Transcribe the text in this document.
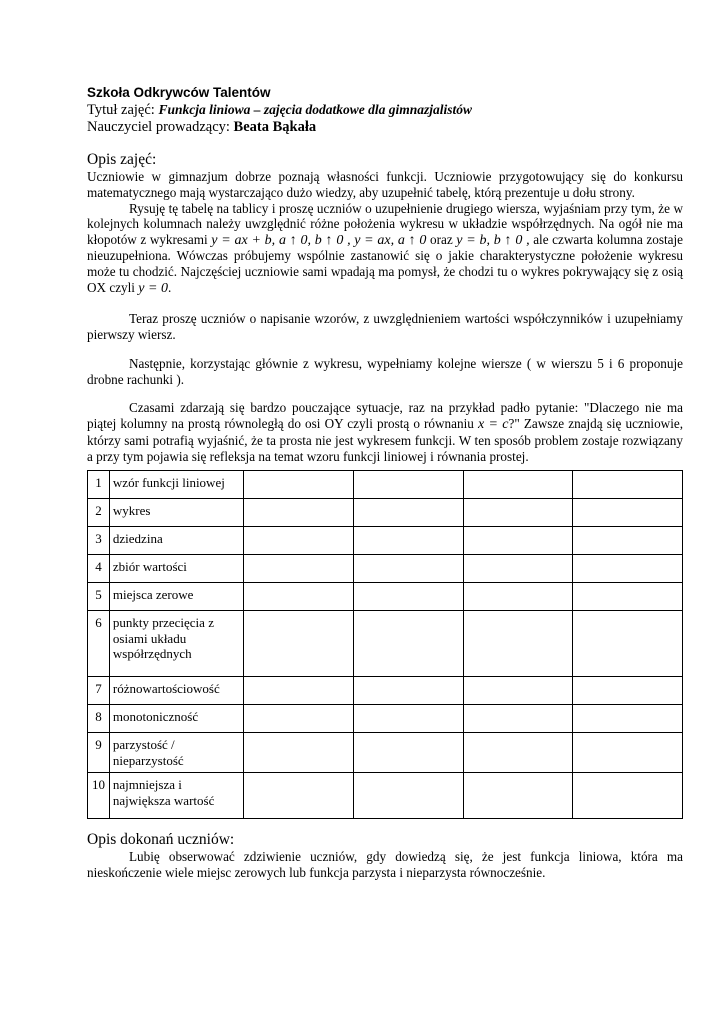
Szkoła Odkrywców Talentów
Tytuł zajęć: Funkcja liniowa – zajęcia dodatkowe dla gimnazjalistów
Nauczyciel prowadzący: Beata Bąkała
Opis zajęć:
Uczniowie w gimnazjum dobrze poznają własności funkcji. Uczniowie przygotowujący się do konkursu matematycznego mają wystarczająco dużo wiedzy, aby uzupełnić tabelę, którą prezentuje u dołu strony.
Rysuję tę tabelę na tablicy i proszę uczniów o uzupełnienie drugiego wiersza, wyjaśniam przy tym, że w kolejnych kolumnach należy uwzględnić różne położenia wykresu w układzie współrzędnych. Na ogół nie ma kłopotów z wykresami y = ax + b, a ↑ 0, b ↑ 0 , y = ax, a ↑ 0 oraz y = b, b ↑ 0 , ale czwarta kolumna zostaje nieuzupełniona. Wówczas próbujemy wspólnie zastanowić się o jakie charakterystyczne położenie wykresu może tu chodzić. Najczęściej uczniowie sami wpadają ma pomysł, że chodzi tu o wykres pokrywający się z osią OX czyli y = 0.
Teraz proszę uczniów o napisanie wzorów, z uwzględnieniem wartości współczynników i uzupełniamy pierwszy wiersz.
Następnie, korzystając głównie z wykresu, wypełniamy kolejne wiersze ( w wierszu 5 i 6 proponuje drobne rachunki ).
Czasami zdarzają się bardzo pouczające sytuacje, raz na przykład padło pytanie: "Dlaczego nie ma piątej kolumny na prostą równoległą do osi OY czyli prostą o równaniu x = c?" Zawsze znajdą się uczniowie, którzy sami potrafią wyjaśnić, że ta prosta nie jest wykresem funkcji. W ten sposób problem zostaje rozwiązany a przy tym pojawia się refleksja na temat wzoru funkcji liniowej i równania prostej.
1	wzór funkcji liniowej				
2	wykres				
3	dziedzina				
4	zbiór wartości				
5	miejsca zerowe				
6	punkty przecięcia z osiami układu współrzędnych				
7	różnowartościowość				
8	monotoniczność				
9	parzystość / nieparzystość				
10	najmniejsza i największa wartość				
Opis dokonań uczniów:
Lubię obserwować zdziwienie uczniów, gdy dowiedzą się, że jest funkcja liniowa, która ma nieskończenie wiele miejsc zerowych lub funkcja parzysta i nieparzysta równocześnie.
